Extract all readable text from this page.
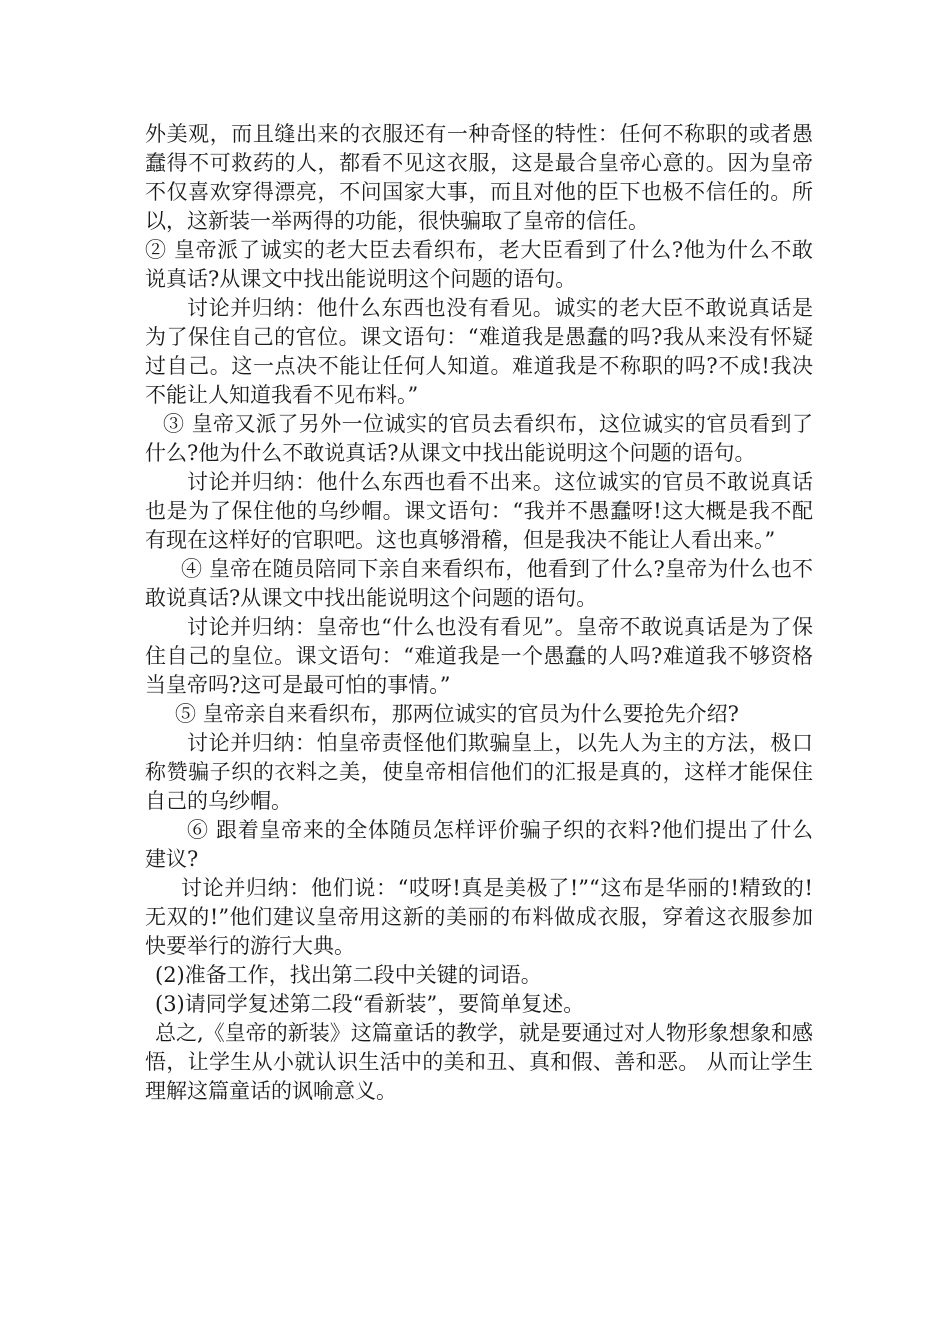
外美观，而且缝出来的衣服还有一种奇怪的特性：任何不称职的或者愚蠢得不可救药的人，都看不见这衣服，这是最合皇帝心意的。因为皇帝不仅喜欢穿得漂亮，不问国家大事，而且对他的臣下也极不信任的。所以，这新装一举两得的功能，很快骗取了皇帝的信任。

② 皇帝派了诚实的老大臣去看织布，老大臣看到了什么?他为什么不敢说真话?从课文中找出能说明这个问题的语句。

讨论并归纳：他什么东西也没有看见。诚实的老大臣不敢说真话是为了保住自己的官位。课文语句：“难道我是愚蠢的吗?我从来没有怀疑过自己。这一点决不能让任何人知道。难道我是不称职的吗?不成!我决不能让人知道我看不见布料。”

③ 皇帝又派了另外一位诚实的官员去看织布，这位诚实的官员看到了什么?他为什么不敢说真话?从课文中找出能说明这个问题的语句。

讨论并归纳：他什么东西也看不出来。这位诚实的官员不敢说真话也是为了保住他的乌纱帽。课文语句：“我并不愚蠢呀!这大概是我不配有现在这样好的官职吧。这也真够滑稽，但是我决不能让人看出来。”

④ 皇帝在随员陪同下亲自来看织布，他看到了什么?皇帝为什么也不敢说真话?从课文中找出能说明这个问题的语句。

讨论并归纳：皇帝也“什么也没有看见”。皇帝不敢说真话是为了保住自己的皇位。课文语句：“难道我是一个愚蠢的人吗?难道我不够资格当皇帝吗?这可是最可怕的事情。”

⑤ 皇帝亲自来看织布，那两位诚实的官员为什么要抢先介绍?

讨论并归纳：怕皇帝责怪他们欺骗皇上，以先人为主的方法，极口称赞骗子织的衣料之美，使皇帝相信他们的汇报是真的，这样才能保住自己的乌纱帽。

⑥ 跟着皇帝来的全体随员怎样评价骗子织的衣料?他们提出了什么建议?

讨论并归纳：他们说：“哎呀!真是美极了!”“这布是华丽的!精致的!无双的!”他们建议皇帝用这新的美丽的布料做成衣服，穿着这衣服参加快要举行的游行大典。

(2)准备工作，找出第二段中关键的词语。

(3)请同学复述第二段“看新装”，要简单复述。

总之,《皇帝的新装》这篇童话的教学，就是要通过对人物形象想象和感悟，让学生从小就认识生活中的美和丑、真和假、善和恶。 从而让学生理解这篇童话的讽喻意义。
